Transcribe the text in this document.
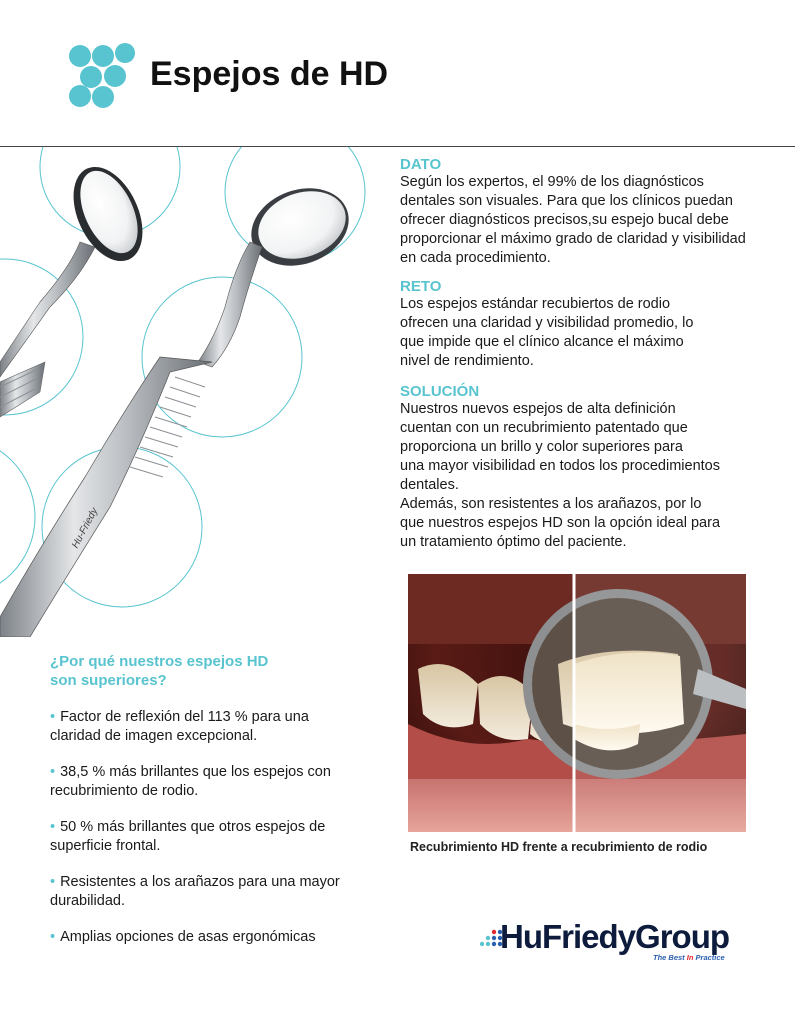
Espejos de HD
Hu-Friedy
DATO

Según los expertos, el 99% de los diagnósticos
dentales son visuales. Para que los clínicos puedan
ofrecer diagnósticos precisos,su espejo bucal debe
proporcionar el máximo grado de claridad y visibilidad
en cada procedimiento.

RETO

Los espejos estándar recubiertos de rodio
ofrecen una claridad y visibilidad promedio, lo
que impide que el clínico alcance el máximo
nivel de rendimiento.

SOLUCIÓN

Nuestros nuevos espejos de alta definición
cuentan con un recubrimiento patentado que
proporciona un brillo y color superiores para
una mayor visibilidad en todos los procedimientos
dentales.
Además, son resistentes a los arañazos, por lo
que nuestros espejos HD son la opción ideal para
un tratamiento óptimo del paciente.

Recubrimiento HD frente a recubrimiento de rodio
¿Por qué nuestros espejos HD
son superiores?
• Factor de reflexión del 113 % para una
claridad de imagen excepcional.
• 38,5 % más brillantes que los espejos con
recubrimiento de rodio.
• 50 % más brillantes que otros espejos de
superficie frontal.
• Resistentes a los arañazos para una mayor
durabilidad.
• Amplias opciones de asas ergonómicas	HuFriedyGroup
The Best In Practice
